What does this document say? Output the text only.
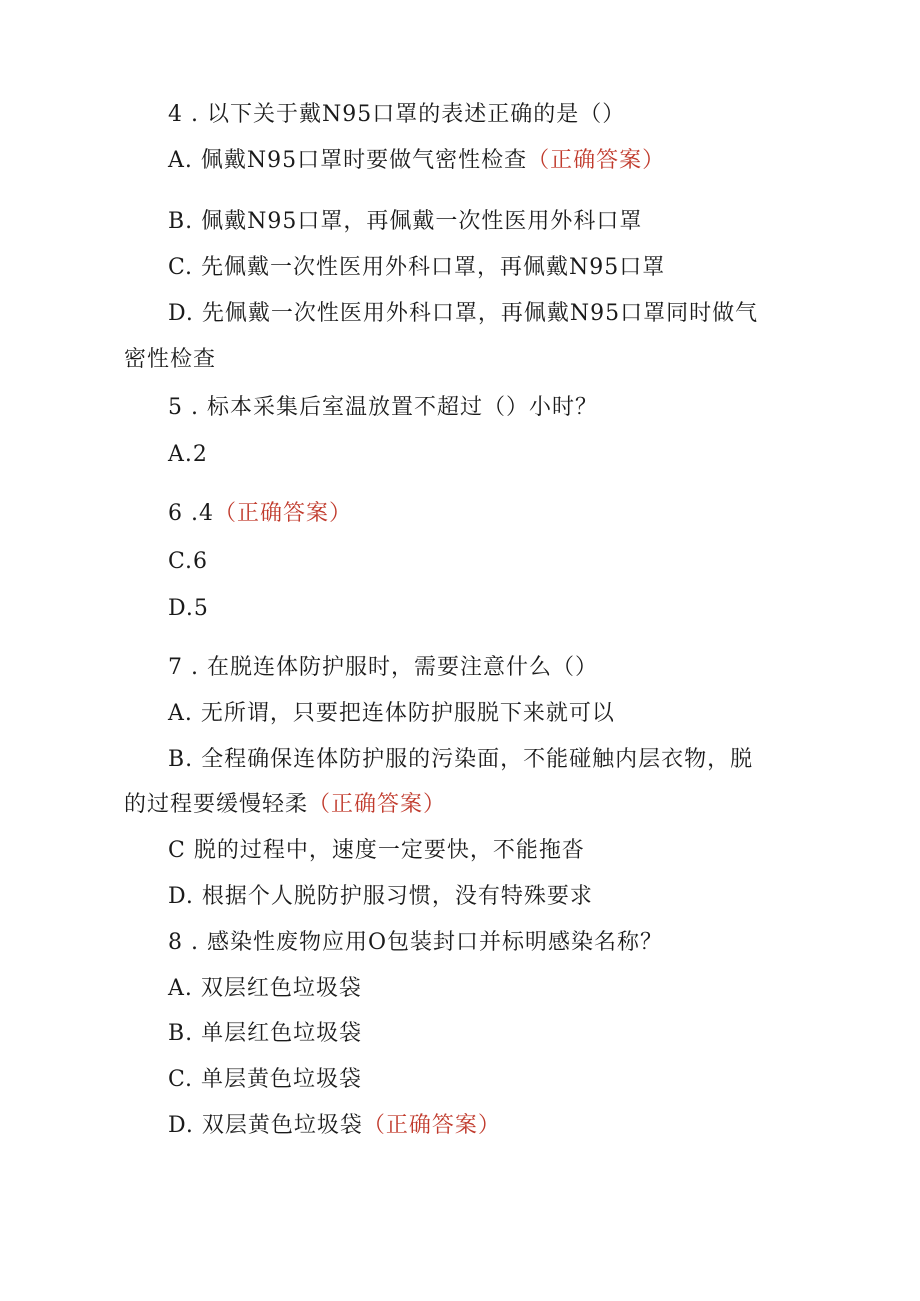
4 . 以下关于戴N95口罩的表述正确的是（）
A. 佩戴N95口罩时要做气密性检查（正确答案）
B. 佩戴N95口罩，再佩戴一次性医用外科口罩
C. 先佩戴一次性医用外科口罩，再佩戴N95口罩
D. 先佩戴一次性医用外科口罩，再佩戴N95口罩同时做气
密性检查
5 . 标本采集后室温放置不超过（）小时？
A.2
6 .4（正确答案）
C.6
D.5
7 . 在脱连体防护服时，需要注意什么（）
A. 无所谓，只要把连体防护服脱下来就可以
B. 全程确保连体防护服的污染面，不能碰触内层衣物，脱
的过程要缓慢轻柔（正确答案）
C 脱的过程中，速度一定要快，不能拖沓
D. 根据个人脱防护服习惯，没有特殊要求
8 . 感染性废物应用O包装封口并标明感染名称？
A. 双层红色垃圾袋
B. 单层红色垃圾袋
C. 单层黄色垃圾袋
D. 双层黄色垃圾袋（正确答案）
